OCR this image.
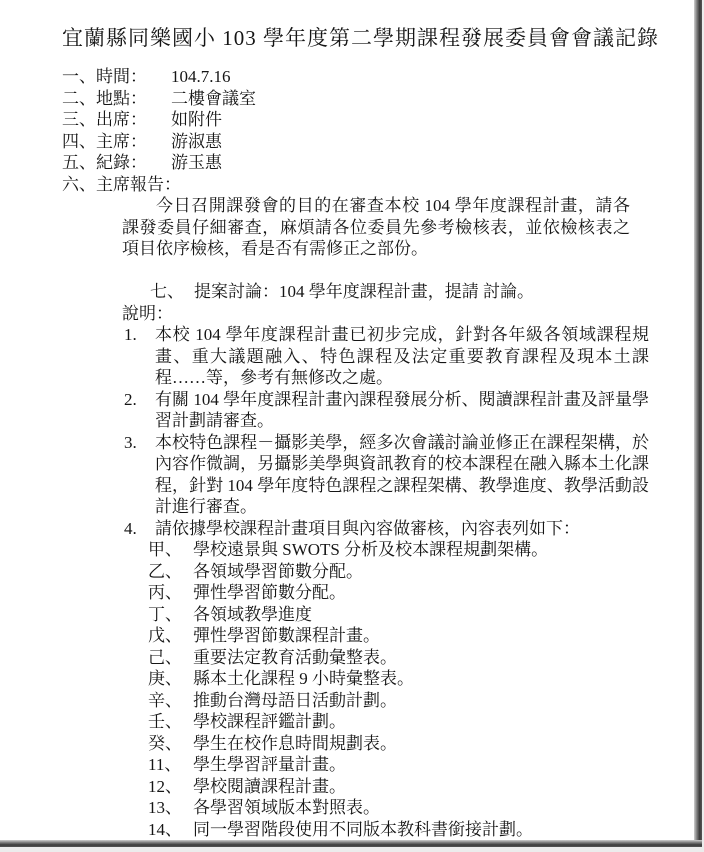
宜蘭縣同樂國小 103 學年度第二學期課程發展委員會會議記錄
一、時間： 104.7.16
二、地點： 二樓會議室
三、出席： 如附件
四、主席： 游淑惠
五、紀錄： 游玉惠
六、主席報告：

今日召開課發會的目的在審查本校 104 學年度課程計畫，請各課發委員仔細審查，麻煩請各位委員先參考檢核表，並依檢核表之項目依序檢核，看是否有需修正之部份。

七、 提案討論：104 學年度課程計畫，提請 討論。
說明：
1.	本校 104 學年度課程計畫已初步完成，針對各年級各領域課程規畫、重大議題融入、特色課程及法定重要教育課程及現本土課程……等，參考有無修改之處。
2.	有關 104 學年度課程計畫內課程發展分析、閱讀課程計畫及評量學習計劃請審查。
3.	本校特色課程－攝影美學，經多次會議討論並修正在課程架構，於內容作微調，另攝影美學與資訊教育的校本課程在融入縣本土化課程，針對 104 學年度特色課程之課程架構、教學進度、教學活動設計進行審查。
4.	請依據學校課程計畫項目與內容做審核，內容表列如下：
甲、 學校遠景與 SWOTS 分析及校本課程規劃架構。
乙、 各領域學習節數分配。
丙、 彈性學習節數分配。
丁、 各領域教學進度
戊、 彈性學習節數課程計畫。
己、 重要法定教育活動彙整表。
庚、 縣本土化課程 9 小時彙整表。
辛、 推動台灣母語日活動計劃。
壬、 學校課程評鑑計劃。
癸、 學生在校作息時間規劃表。
11、 學生學習評量計畫。
12、 學校閱讀課程計畫。
13、 各學習領域版本對照表。
14、 同一學習階段使用不同版本教科書銜接計劃。
